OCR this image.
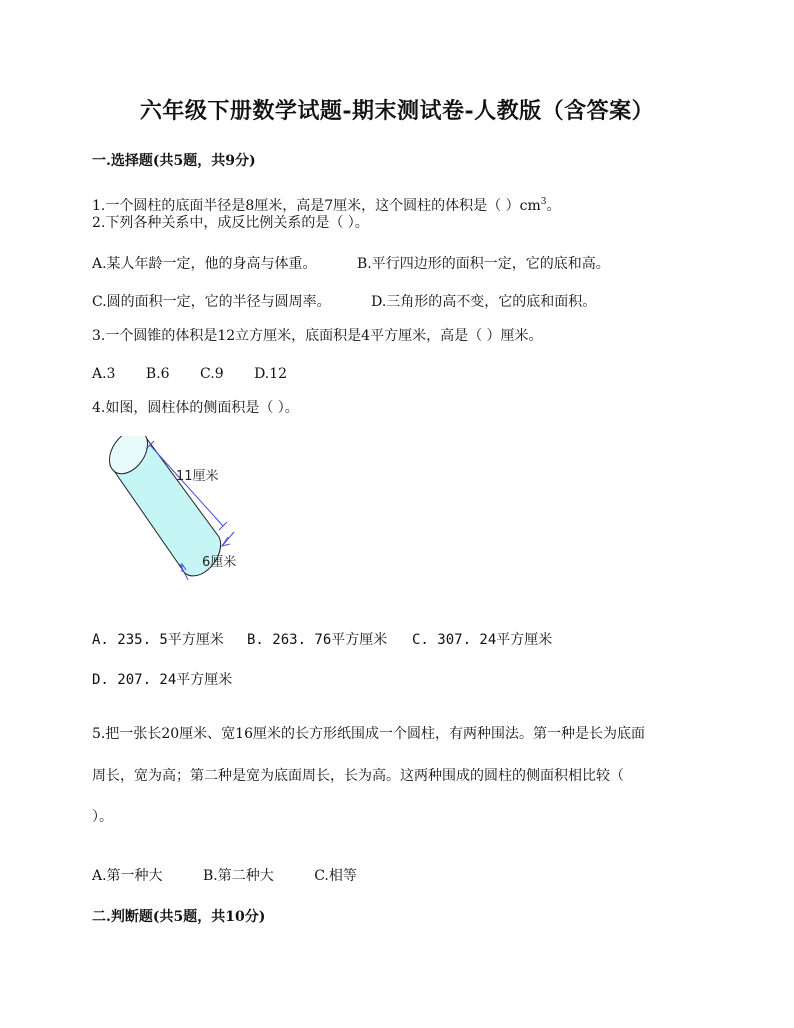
六年级下册数学试题-期末测试卷-人教版（含答案）
一.选择题(共5题，共9分)
1.一个圆柱的底面半径是8厘米，高是7厘米，这个圆柱的体积是（ ）$cm^3$。
2.下列各种关系中，成反比例关系的是（ ）。
A.某人年龄一定，他的身高与体重。	B.平行四边形的面积一定，它的底和高。
C.圆的面积一定，它的半径与圆周率。	D.三角形的高不变，它的底和面积。
3.一个圆锥的体积是12立方厘米，底面积是4平方厘米，高是（ ）厘米。
A.3 B.6 C.9 D.12
4.如图，圆柱体的侧面积是（ ）。
11厘米
6厘米
A. 235. 5平方厘米 B. 263. 76平方厘米 C. 307. 24平方厘米
D. 207. 24平方厘米
5.把一张长20厘米、宽16厘米的长方形纸围成一个圆柱，有两种围法。第一种是长为底面
周长，宽为高；第二种是宽为底面周长，长为高。这两种围成的圆柱的侧面积相比较（
）。
A.第一种大	B.第二种大	C.相等
二.判断题(共5题，共10分)
